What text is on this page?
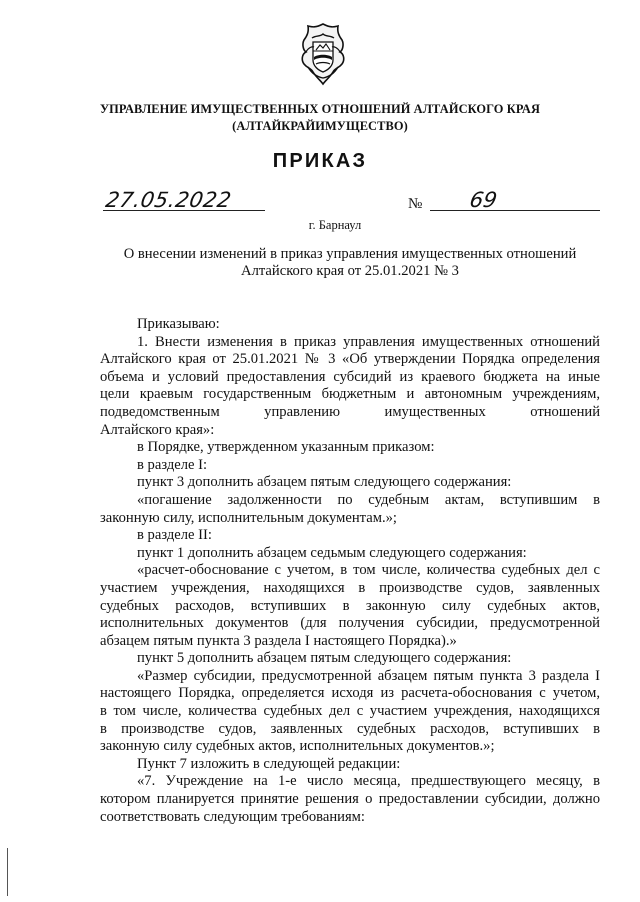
УПРАВЛЕНИЕ ИМУЩЕСТВЕННЫХ ОТНОШЕНИЙ АЛТАЙСКОГО КРАЯ
(АЛТАЙКРАЙИМУЩЕСТВО)
ПРИКАЗ
27.05.2022	№ 69
г. Барнаул
О внесении изменений в приказ управления имущественных отношений
Алтайского края от 25.01.2021 № 3

Приказываю:

1. Внести изменения в приказ управления имущественных отношений

Алтайского края от 25.01.2021 № 3 «Об утверждении Порядка определения

объема и условий предоставления субсидий из краевого бюджета на иные

цели краевым государственным бюджетным и автономным учреждениям,

подведомственным управлению имущественных отношений

Алтайского края»:

в Порядке, утвержденном указанным приказом:

в разделе I:

пункт 3 дополнить абзацем пятым следующего содержания:

«погашение задолженности по судебным актам, вступившим в

законную силу, исполнительным документам.»;

в разделе II:

пункт 1 дополнить абзацем седьмым следующего содержания:

«расчет-обоснование с учетом, в том числе, количества судебных дел с

участием учреждения, находящихся в производстве судов, заявленных

судебных расходов, вступивших в законную силу судебных актов,

исполнительных документов (для получения субсидии, предусмотренной

абзацем пятым пункта 3 раздела I настоящего Порядка).»

пункт 5 дополнить абзацем пятым следующего содержания:

«Размер субсидии, предусмотренной абзацем пятым пункта 3 раздела I

настоящего Порядка, определяется исходя из расчета-обоснования с учетом,

в том числе, количества судебных дел с участием учреждения, находящихся

в производстве судов, заявленных судебных расходов, вступивших в

законную силу судебных актов, исполнительных документов.»;

Пункт 7 изложить в следующей редакции:

«7. Учреждение на 1-е число месяца, предшествующего месяцу, в

котором планируется принятие решения о предоставлении субсидии, должно

соответствовать следующим требованиям:
